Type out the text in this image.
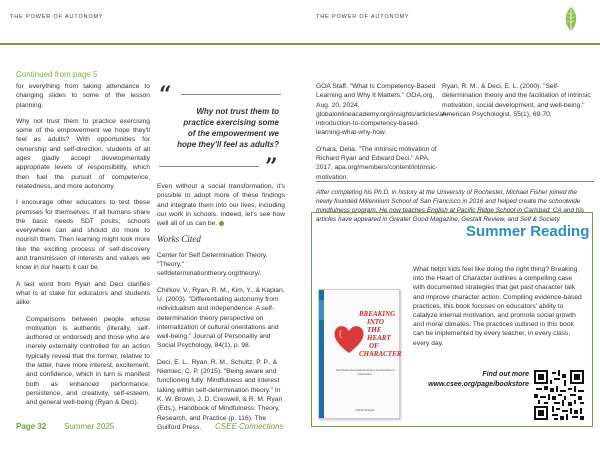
THE POWER OF AUTONOMY	THE POWER OF AUTONOMY
Continued from page 5

for everything from taking attendance to changing slides to some of the lesson planning.

Why not trust them to practice exercising some of the empowerment we hope they'll feel as adults? With opportunities for ownership and self-direction, students of all ages gladly accept developmentally appropriate levels of responsibility, which then fuel the pursuit of competence, relatedness, and more autonomy.

I encourage other educators to test these premises for themselves. If all humans share the basic needs SDT posits, schools everywhere can and should do more to nourish them. Then learning might look more like the exciting process of self-discovery and transmission of interests and values we know in our hearts it can be.

A last word from Ryan and Deci clarifies what is at stake for educators and students alike:

Comparisons between people whose motivation is authentic (literally, self-authored or endorsed) and those who are merely externally controlled for an action typically reveal that the former, relative to the latter, have more interest, excitement, and confidence, which in turn is manifest both as enhanced performance, persistence, and creativity, self-esteem, and general well-being (Ryan & Deci).

“
Why not trust them to practice exercising some of the empowerment we hope they'll feel as adults?
”

Even without a social transformation, it's possible to adopt more of these findings and integrate them into our lives, including our work in schools. Indeed, let's see how well all of us can be.

Works Cited

Center for Self Determination Theory. "Theory." selfdeterminationtheory.org/theory/.

Chirkov, V., Ryan, R. M., Kim, Y., & Kaplan, U. (2003). "Differentiating autonomy from individualism and independence: A self-determination theory perspective on internalization of cultural orientations and well-being." Journal of Personality and Social Psychology, 84(1), p. 98.

Deci, E. L., Ryan, R. M., Schultz, P. P., & Niemiec, C. P. (2015). "Being aware and functioning fully: Mindfulness and interest taking within self-determination theory." In K. W. Brown, J. D. Creswell, & R. M. Ryan (Eds.), Handbook of Mindfulness: Theory, Research, and Practice (p. 116). The Guilford Press.

GOA Staff. "What Is Competency-Based Learning and Why It Matters." GOA.org, Aug. 20, 2024. globalonlineacademy.org/insights/articles/an-introduction-to-competency-based-learning-what-why-how.

O'hara, Delia. "The intrinsic motivation of Richard Ryan and Edward Deci." APA, 2017. apa.org/members/content/intrinsic-motivation.

Ryan, R. M., & Deci, E. L. (2000). "Self-determination theory and the facilitation of intrinsic motivation, social development, and well-being." American Psychologist, 55(1), 69-70.

After completing his Ph.D. in history at the University of Rochester, Michael Fisher joined the newly founded Millennium School of San Francisco in 2016 and helped create the schoolwide mindfulness program. He now teaches English at Pacific Ridge School in Carlsbad, CA and his articles have appeared in Greater Good Magazine, Gestalt Review, and Self & Society.
Summer Reading
BREAKING
INTO
THE
HEART
OF
CHARACTER
Self-Determined Moral Action and Academic Motivation
David Streight
What helps kids feel like doing the right thing? Breaking into the Heart of Character outlines a compelling case with documented strategies that get past character talk and improve character action. Compiling evidence-based practices, this book focuses on educators' ability to catalyze internal motivation, and promote social growth and moral climates. The practices outlined in this book can be implemented by every teacher, in every class, every day.
Find out more
www.csee.org/page/bookstore
Page 32 Summer 2025	CSEE Connections
